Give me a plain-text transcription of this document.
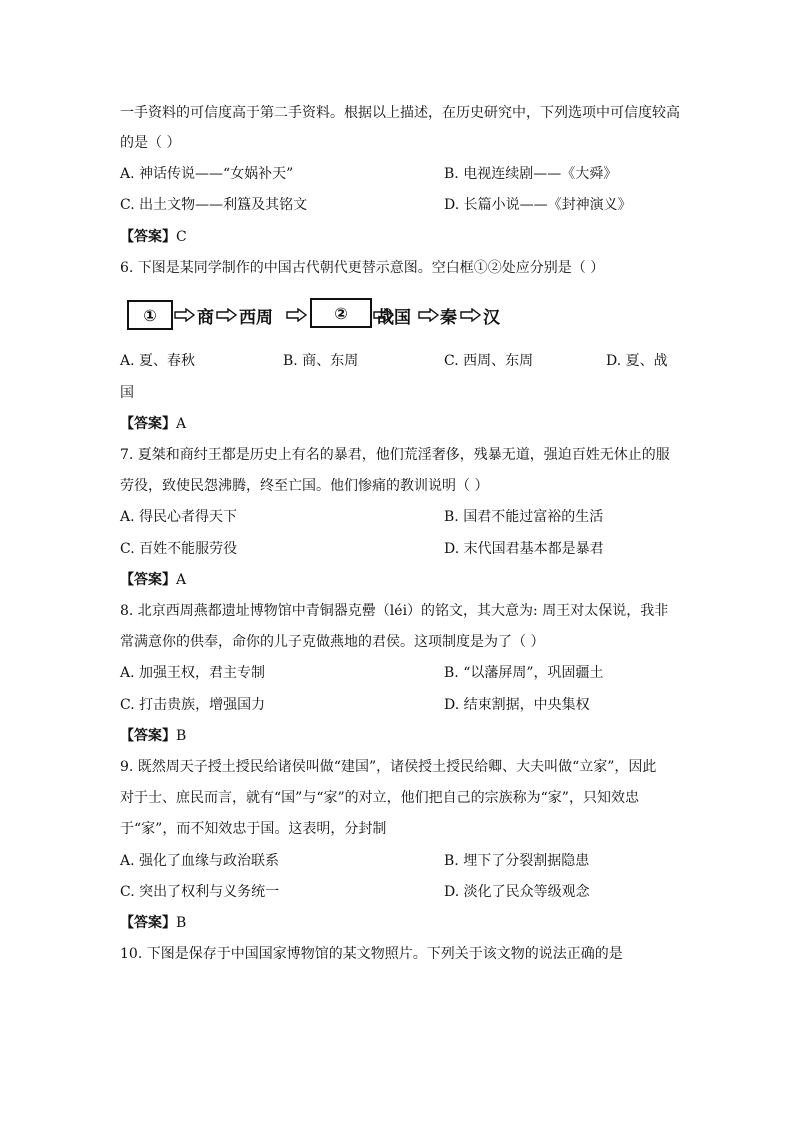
一手资料的可信度高于第二手资料。根据以上描述，在历史研究中，下列选项中可信度较高
的是（ ）
A. 神话传说——“女娲补天”	B. 电视连续剧——《大舜》
C. 出土文物——利簋及其铭文	D. 长篇小说——《封神演义》
【答案】C
6. 下图是某同学制作的中国古代朝代更替示意图。空白框①②处应分别是（ ）
①	商 西周	②	战国 秦 汉
A. 夏、春秋	B. 商、东周	C. 西周、东周	D. 夏、战
国
【答案】A
7. 夏桀和商纣王都是历史上有名的暴君，他们荒淫奢侈，残暴无道，强迫百姓无休止的服
劳役，致使民怨沸腾，终至亡国。他们惨痛的教训说明（ ）
A. 得民心者得天下	B. 国君不能过富裕的生活
C. 百姓不能服劳役	D. 末代国君基本都是暴君
【答案】A
8. 北京西周燕都遗址博物馆中青铜器克罍（léi）的铭文，其大意为: 周王对太保说，我非
常满意你的供奉，命你的儿子克做燕地的君侯。这项制度是为了（ ）
A. 加强王权，君主专制	B. “以藩屏周”，巩固疆土
C. 打击贵族，增强国力	D. 结束割据，中央集权
【答案】B
9. 既然周天子授土授民给诸侯叫做“建国”，诸侯授土授民给卿、大夫叫做“立家”，因此
对于士、庶民而言，就有“国”与“家”的对立，他们把自己的宗族称为“家”，只知效忠
于“家”，而不知效忠于国。这表明，分封制
A. 强化了血缘与政治联系	B. 埋下了分裂割据隐患
C. 突出了权利与义务统一	D. 淡化了民众等级观念
【答案】B
10. 下图是保存于中国国家博物馆的某文物照片。下列关于该文物的说法正确的是
